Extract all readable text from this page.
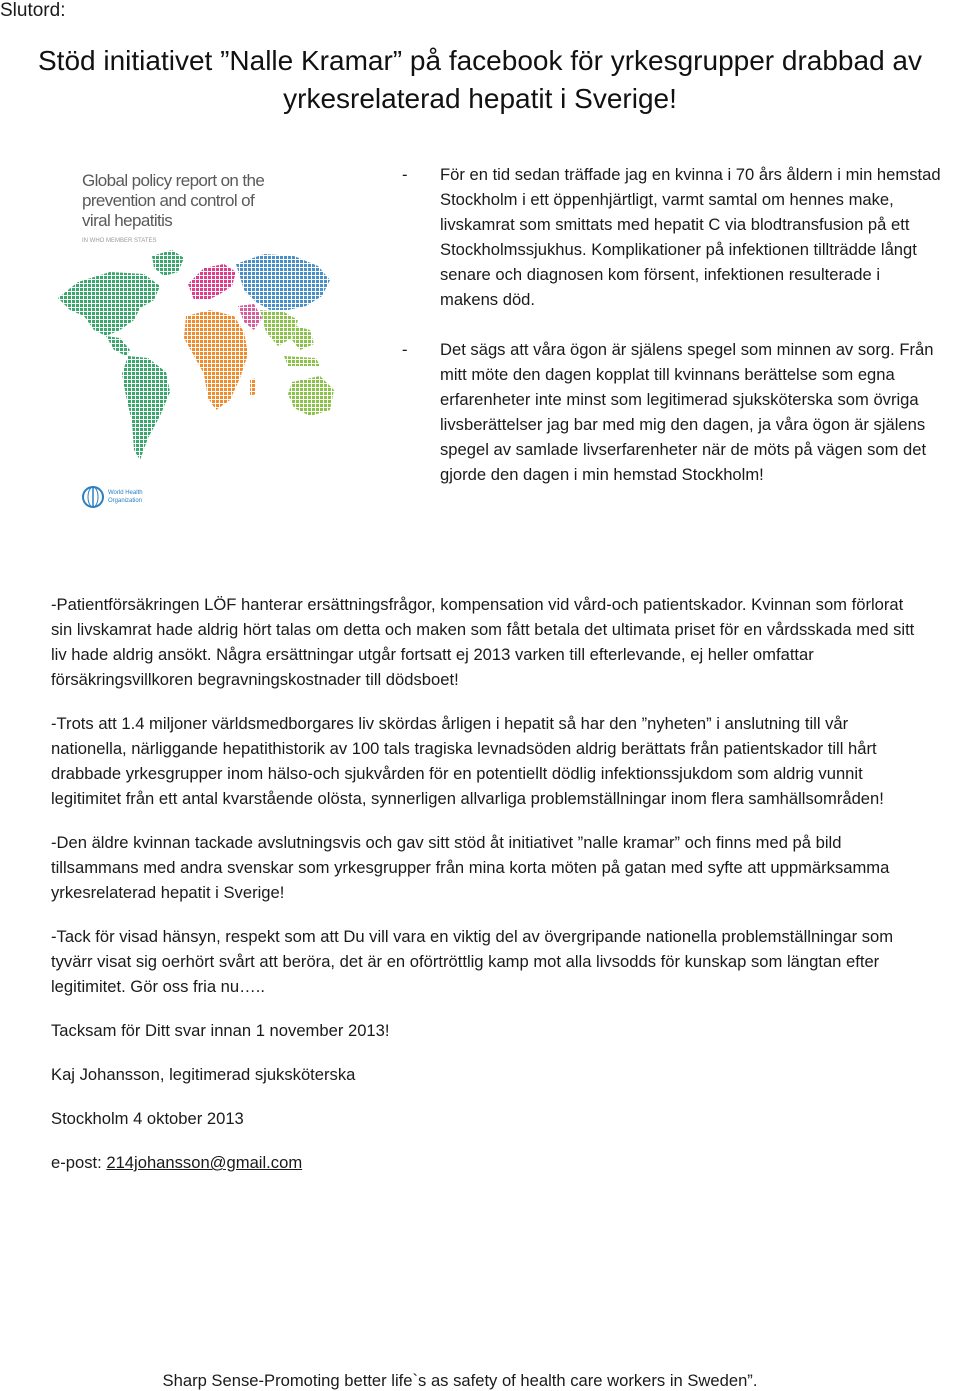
Slutord:
Stöd initiativet ”Nalle Kramar” på facebook för yrkesgrupper drabbad av
yrkesrelaterad hepatit i Sverige!
Global policy report on the
prevention and control of
viral hepatitis
IN WHO MEMBER STATES
World Health
Organization

- För en tid sedan träffade jag en kvinna i 70 års åldern i min hemstad Stockholm i ett öppenhjärtligt, varmt samtal om hennes make, livskamrat som smittats med hepatit C via blodtransfusion på ett Stockholmssjukhus. Komplikationer på infektionen tillträdde långt senare och diagnosen kom försent, infektionen resulterade i makens död.

- Det sägs att våra ögon är själens spegel som minnen av sorg. Från mitt möte den dagen kopplat till kvinnans berättelse som egna erfarenheter inte minst som legitimerad sjuksköterska som övriga livsberättelser jag bar med mig den dagen, ja våra ögon är själens spegel av samlade livserfarenheter när de möts på vägen som det gjorde den dagen i min hemstad Stockholm!

-Patientförsäkringen LÖF hanterar ersättningsfrågor, kompensation vid vård-och patientskador. Kvinnan som förlorat sin livskamrat hade aldrig hört talas om detta och maken som fått betala det ultimata priset för en vårdsskada med sitt liv hade aldrig ansökt. Några ersättningar utgår fortsatt ej 2013 varken till efterlevande, ej heller omfattar försäkringsvillkoren begravningskostnader till dödsboet!

-Trots att 1.4 miljoner världsmedborgares liv skördas årligen i hepatit så har den ”nyheten” i anslutning till vår nationella, närliggande hepatithistorik av 100 tals tragiska levnadsöden aldrig berättats från patientskador till hårt drabbade yrkesgrupper inom hälso-och sjukvården för en potentiellt dödlig infektionssjukdom som aldrig vunnit legitimitet från ett antal kvarstående olösta, synnerligen allvarliga problemställningar inom flera samhällsområden!

-Den äldre kvinnan tackade avslutningsvis och gav sitt stöd åt initiativet ”nalle kramar” och finns med på bild tillsammans med andra svenskar som yrkesgrupper från mina korta möten på gatan med syfte att uppmärksamma yrkesrelaterad hepatit i Sverige!

-Tack för visad hänsyn, respekt som att Du vill vara en viktig del av övergripande nationella problemställningar som tyvärr visat sig oerhört svårt att beröra, det är en oförtröttlig kamp mot alla livsodds för kunskap som längtan efter legitimitet. Gör oss fria nu…..

Tacksam för Ditt svar innan 1 november 2013!

Kaj Johansson, legitimerad sjuksköterska

Stockholm 4 oktober 2013

e-post: 214johansson@gmail.com

Sharp Sense-Promoting better life`s as safety of health care workers in Sweden”.
